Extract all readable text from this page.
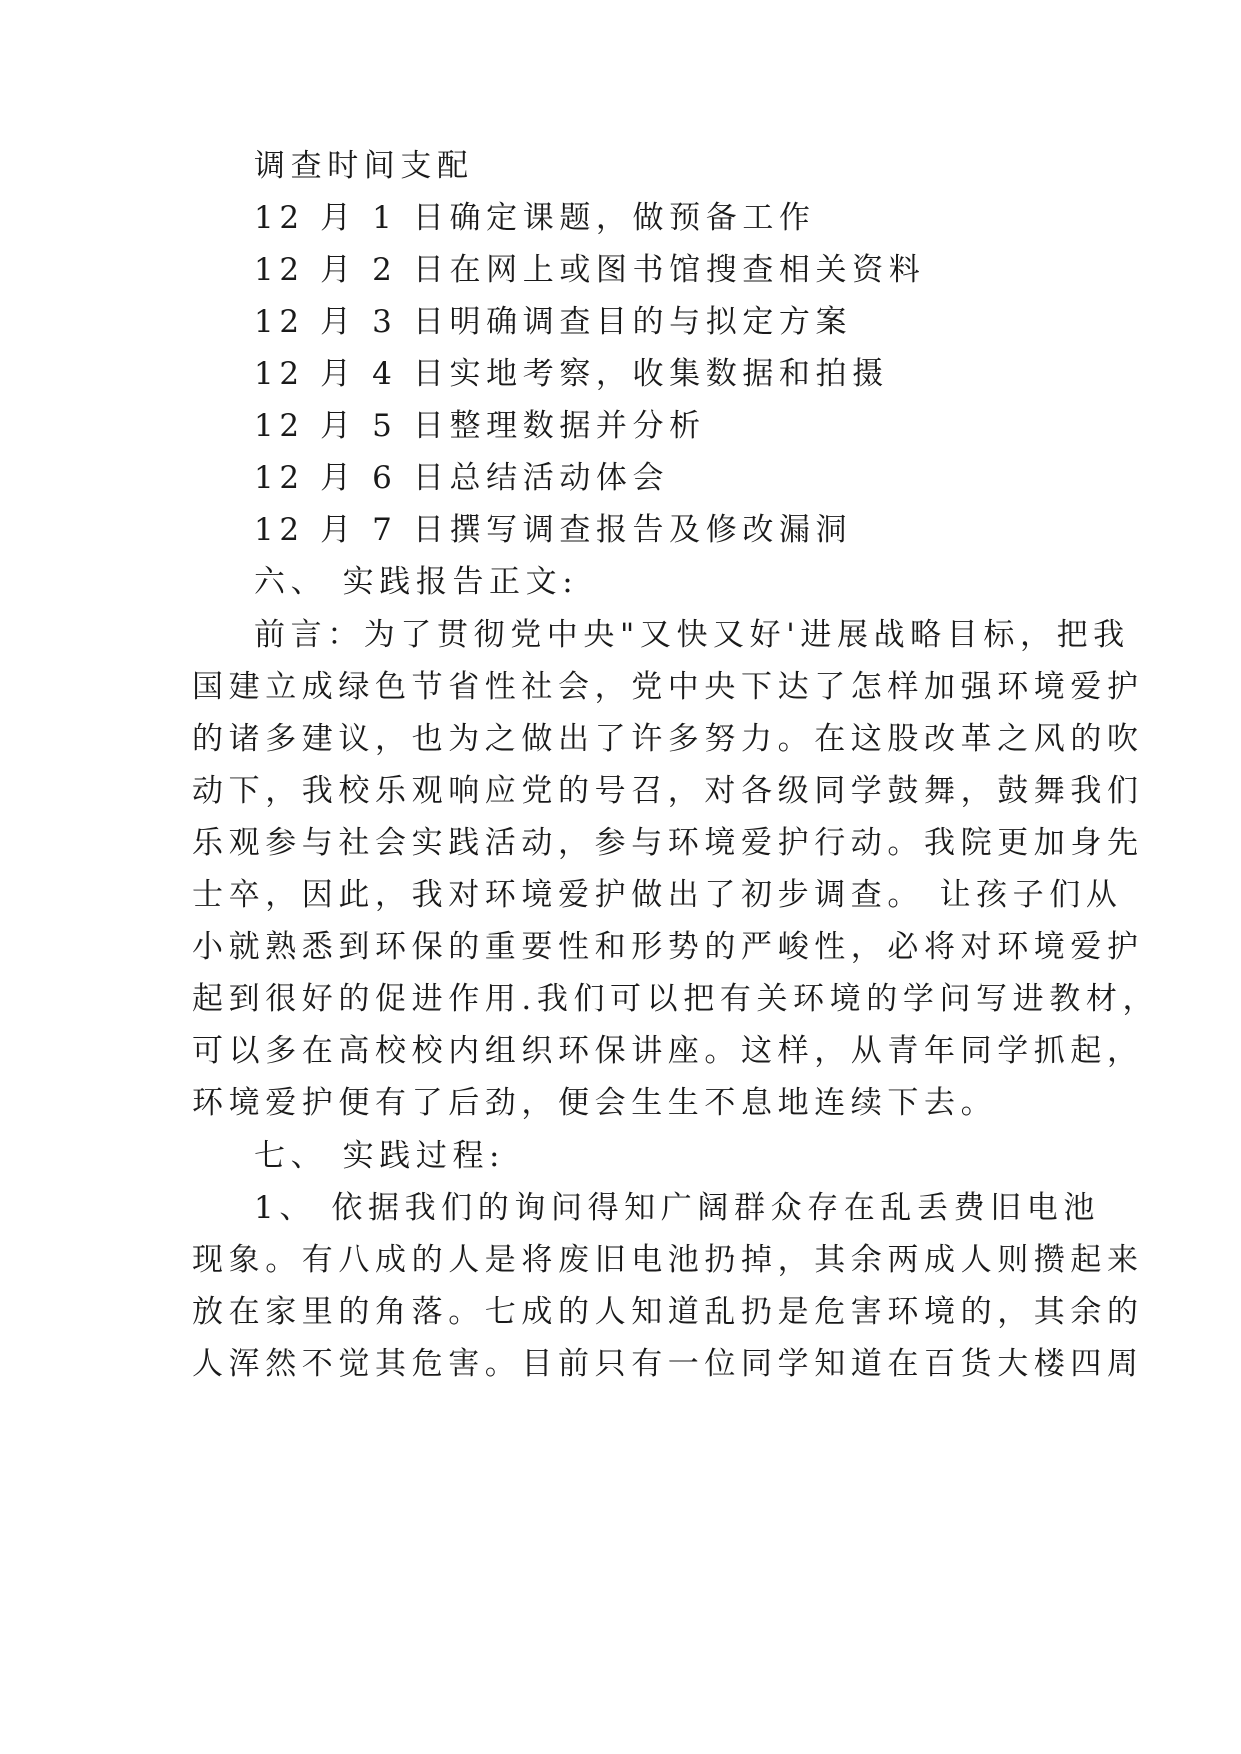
调查时间支配
12 月 1 日确定课题，做预备工作
12 月 2 日在网上或图书馆搜查相关资料
12 月 3 日明确调查目的与拟定方案
12 月 4 日实地考察，收集数据和拍摄
12 月 5 日整理数据并分析
12 月 6 日总结活动体会
12 月 7 日撰写调查报告及修改漏洞
六、 实践报告正文:
前言：为了贯彻党中央"又快又好'进展战略目标，把我
国建立成绿色节省性社会，党中央下达了怎样加强环境爱护
的诸多建议，也为之做出了许多努力。在这股改革之风的吹
动下，我校乐观响应党的号召，对各级同学鼓舞，鼓舞我们
乐观参与社会实践活动，参与环境爱护行动。我院更加身先
士卒，因此，我对环境爱护做出了初步调查。 让孩子们从
小就熟悉到环保的重要性和形势的严峻性，必将对环境爱护
起到很好的促进作用.我们可以把有关环境的学问写进教材，
可以多在高校校内组织环保讲座。这样，从青年同学抓起，
环境爱护便有了后劲，便会生生不息地连续下去。
七、 实践过程:
1、 依据我们的询问得知广阔群众存在乱丢费旧电池
现象。有八成的人是将废旧电池扔掉，其余两成人则攒起来
放在家里的角落。七成的人知道乱扔是危害环境的，其余的
人浑然不觉其危害。目前只有一位同学知道在百货大楼四周
